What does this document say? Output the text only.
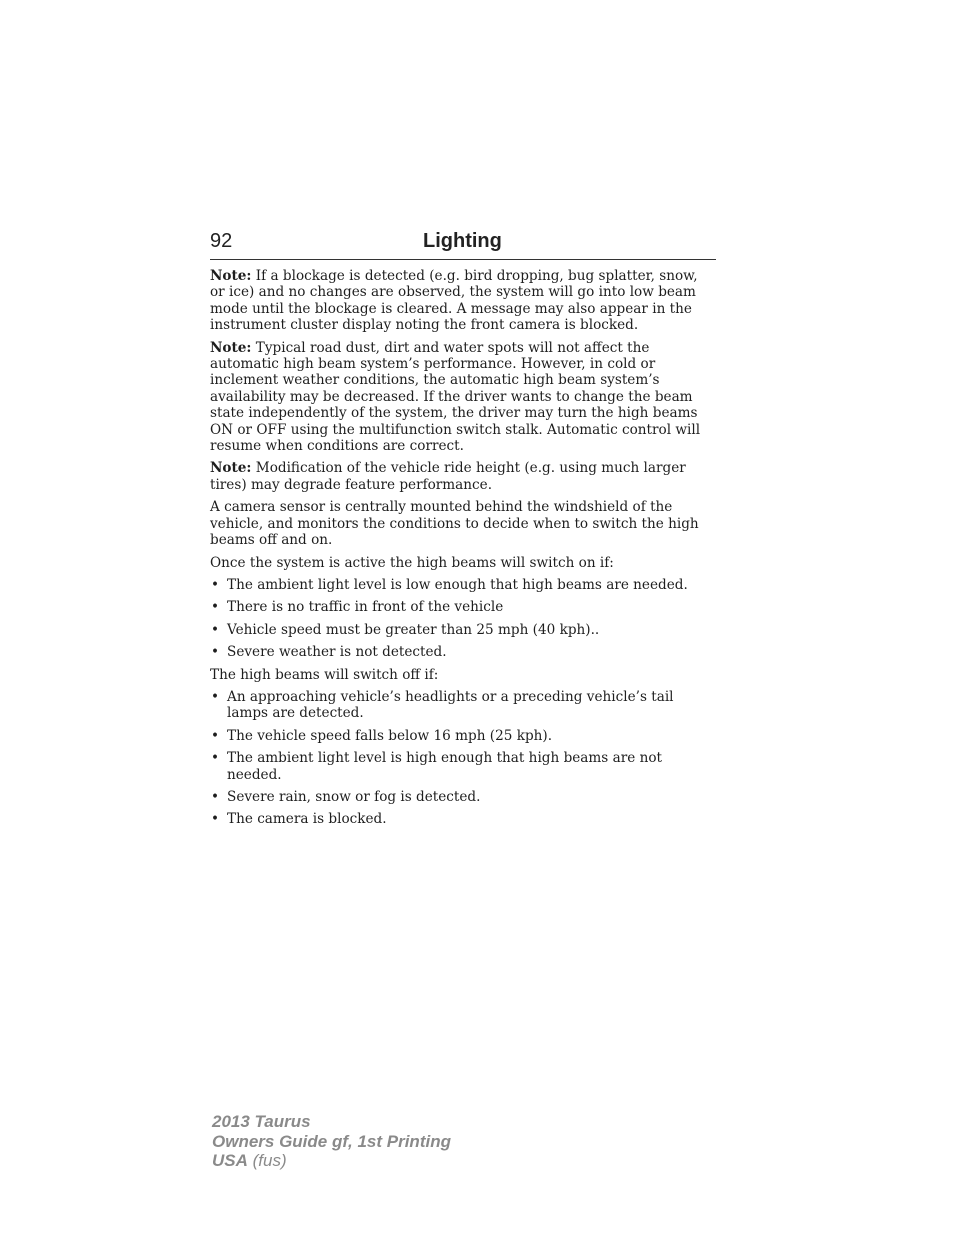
92	Lighting

Note: If a blockage is detected (e.g. bird dropping, bug splatter, snow, or ice) and no changes are observed, the system will go into low beam mode until the blockage is cleared. A message may also appear in the instrument cluster display noting the front camera is blocked.

Note: Typical road dust, dirt and water spots will not affect the automatic high beam system’s performance. However, in cold or inclement weather conditions, the automatic high beam system’s availability may be decreased. If the driver wants to change the beam state independently of the system, the driver may turn the high beams ON or OFF using the multifunction switch stalk. Automatic control will resume when conditions are correct.

Note: Modification of the vehicle ride height (e.g. using much larger tires) may degrade feature performance.

A camera sensor is centrally mounted behind the windshield of the vehicle, and monitors the conditions to decide when to switch the high beams off and on.

Once the system is active the high beams will switch on if:

• The ambient light level is low enough that high beams are needed.
• There is no traffic in front of the vehicle
• Vehicle speed must be greater than 25 mph (40 kph)..
• Severe weather is not detected.

The high beams will switch off if:

• An approaching vehicle’s headlights or a preceding vehicle’s tail lamps are detected.
• The vehicle speed falls below 16 mph (25 kph).
• The ambient light level is high enough that high beams are not needed.
• Severe rain, snow or fog is detected.
• The camera is blocked.
2013 Taurus
Owners Guide gf, 1st Printing
USA (fus)
